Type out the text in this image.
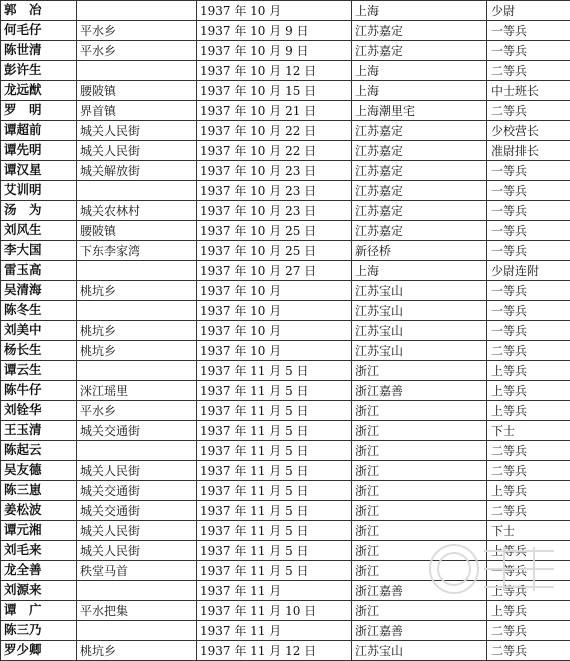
郭　冶		1937 年 10 月	上海	少尉
何毛仔	平水乡	1937 年 10 月 9 日	江苏嘉定	一等兵
陈世清	平水乡	1937 年 10 月 9 日	江苏嘉定	一等兵
彭许生		1937 年 10 月 12 日	上海	二等兵
龙远猷	腰陂镇	1937 年 10 月 15 日	上海	中士班长
罗　明	界首镇	1937 年 10 月 21 日	上海潮里宅	二等兵
谭超前	城关人民街	1937 年 10 月 22 日	江苏嘉定	少校营长
谭先明	城关人民街	1937 年 10 月 22 日	江苏嘉定	准尉排长
谭汉星	城关解放街	1937 年 10 月 23 日	江苏嘉定	一等兵
艾训明		1937 年 10 月 23 日	江苏嘉定	一等兵
汤　为	城关农林村	1937 年 10 月 23 日	江苏嘉定	一等兵
刘风生	腰陂镇	1937 年 10 月 25 日	江苏嘉定	一等兵
李大国	下东李家湾	1937 年 10 月 25 日	新径桥	一等兵
雷玉高		1937 年 10 月 27 日	上海	少尉连附
吴清海	桃坑乡	1937 年 10 月	江苏宝山	一等兵
陈冬生		1937 年 10 月	江苏宝山	一等兵
刘美中	桃坑乡	1937 年 10 月	江苏宝山	一等兵
杨长生	桃坑乡	1937 年 10 月	江苏宝山	二等兵
谭云生		1937 年 11 月 5 日	浙江	上等兵
陈牛仔	洣江瑶里	1937 年 11 月 5 日	浙江嘉善	上等兵
刘铨华	平水乡	1937 年 11 月 5 日	浙江	上等兵
王玉清	城关交通街	1937 年 11 月 5 日	浙江	下士
陈起云		1937 年 11 月 5 日	浙江	二等兵
吴友德	城关人民街	1937 年 11 月 5 日	浙江	二等兵
陈三崽	城关交通街	1937 年 11 月 5 日	浙江	上等兵
姜松波	城关交通街	1937 年 11 月 5 日	浙江	二等兵
谭元湘	城关人民街	1937 年 11 月 5 日	浙江	下士
刘毛来	城关人民街	1937 年 11 月 5 日	浙江	上等兵
龙全善	秩堂马首	1937 年 11 月 5 日	浙江	一等兵
刘源来		1937 年 11 月	浙江嘉善	上等兵
谭　广	平水把集	1937 年 11 月 10 日	浙江	上等兵
陈三乃		1937 年 11 月	浙江嘉善	二等兵
罗少卿	桃坑乡	1937 年 11 月 12 日	江苏宝山	二等兵
